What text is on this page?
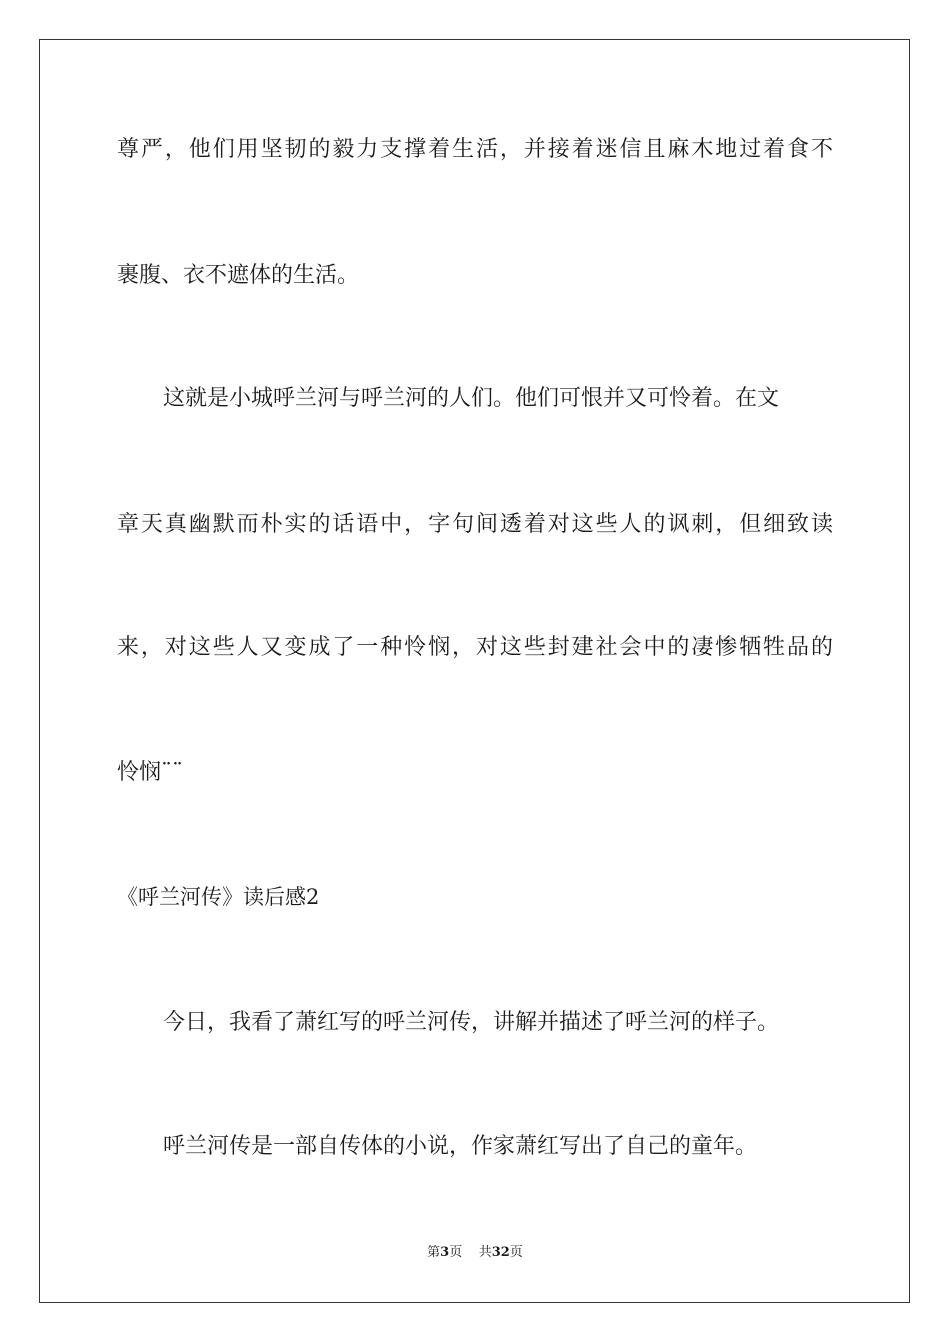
尊严，他们用坚韧的毅力支撑着生活，并接着迷信且麻木地过着食不
裹腹、衣不遮体的生活。
这就是小城呼兰河与呼兰河的人们。他们可恨并又可怜着。在文
章天真幽默而朴实的话语中，字句间透着对这些人的讽刺，但细致读
来，对这些人又变成了一种怜悯，对这些封建社会中的凄惨牺牲品的
怜悯¨¨
《呼兰河传》读后感2
今日，我看了萧红写的呼兰河传，讲解并描述了呼兰河的样子。
呼兰河传是一部自传体的小说，作家萧红写出了自己的童年。
第3页    共32页
